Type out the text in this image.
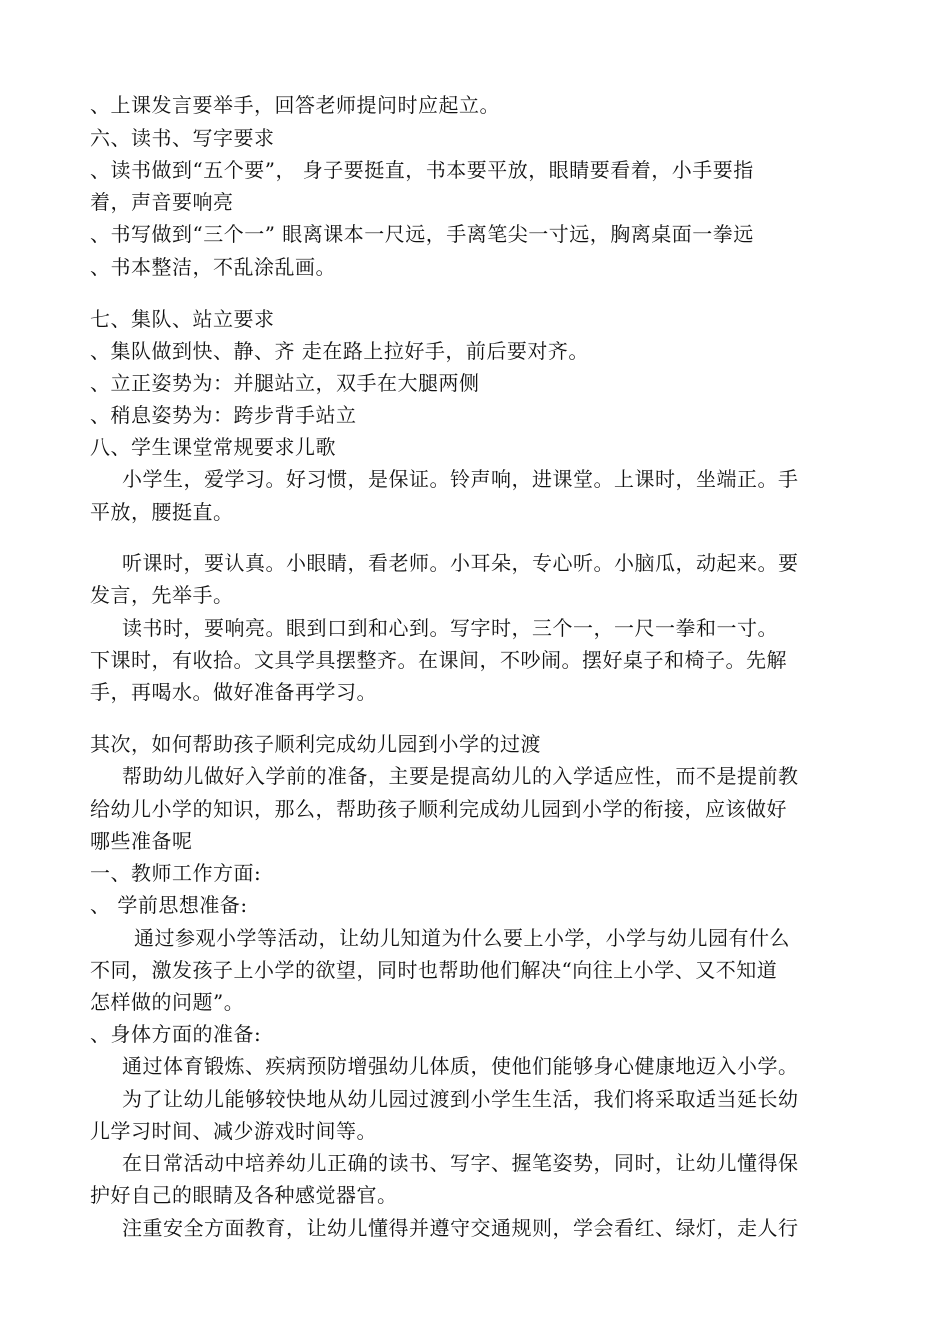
、上课发言要举手，回答老师提问时应起立。
六、读书、写字要求
、读书做到“五个要”， 身子要挺直，书本要平放，眼睛要看着，小手要指
着，声音要响亮
、书写做到“三个一” 眼离课本一尺远，手离笔尖一寸远，胸离桌面一拳远
、书本整洁，不乱涂乱画。
七、集队、站立要求
、集队做到快、静、齐 走在路上拉好手，前后要对齐。
、立正姿势为：并腿站立，双手在大腿两侧
、稍息姿势为：跨步背手站立
八、学生课堂常规要求儿歌
小学生，爱学习。好习惯，是保证。铃声响，进课堂。上课时，坐端正。手
平放，腰挺直。
听课时，要认真。小眼睛，看老师。小耳朵，专心听。小脑瓜，动起来。要
发言，先举手。
读书时，要响亮。眼到口到和心到。写字时，三个一，一尺一拳和一寸。
下课时，有收拾。文具学具摆整齐。在课间，不吵闹。摆好桌子和椅子。先解
手，再喝水。做好准备再学习。
其次，如何帮助孩子顺利完成幼儿园到小学的过渡
帮助幼儿做好入学前的准备，主要是提高幼儿的入学适应性，而不是提前教
给幼儿小学的知识，那么，帮助孩子顺利完成幼儿园到小学的衔接，应该做好
哪些准备呢
一、教师工作方面:
、 学前思想准备:
通过参观小学等活动，让幼儿知道为什么要上小学，小学与幼儿园有什么
不同，激发孩子上小学的欲望，同时也帮助他们解决“向往上小学、又不知道
怎样做的问题”。
、身体方面的准备:
通过体育锻炼、疾病预防增强幼儿体质，使他们能够身心健康地迈入小学。
为了让幼儿能够较快地从幼儿园过渡到小学生生活，我们将采取适当延长幼
儿学习时间、减少游戏时间等。
在日常活动中培养幼儿正确的读书、写字、握笔姿势，同时，让幼儿懂得保
护好自己的眼睛及各种感觉器官。
注重安全方面教育，让幼儿懂得并遵守交通规则，学会看红、绿灯，走人行
